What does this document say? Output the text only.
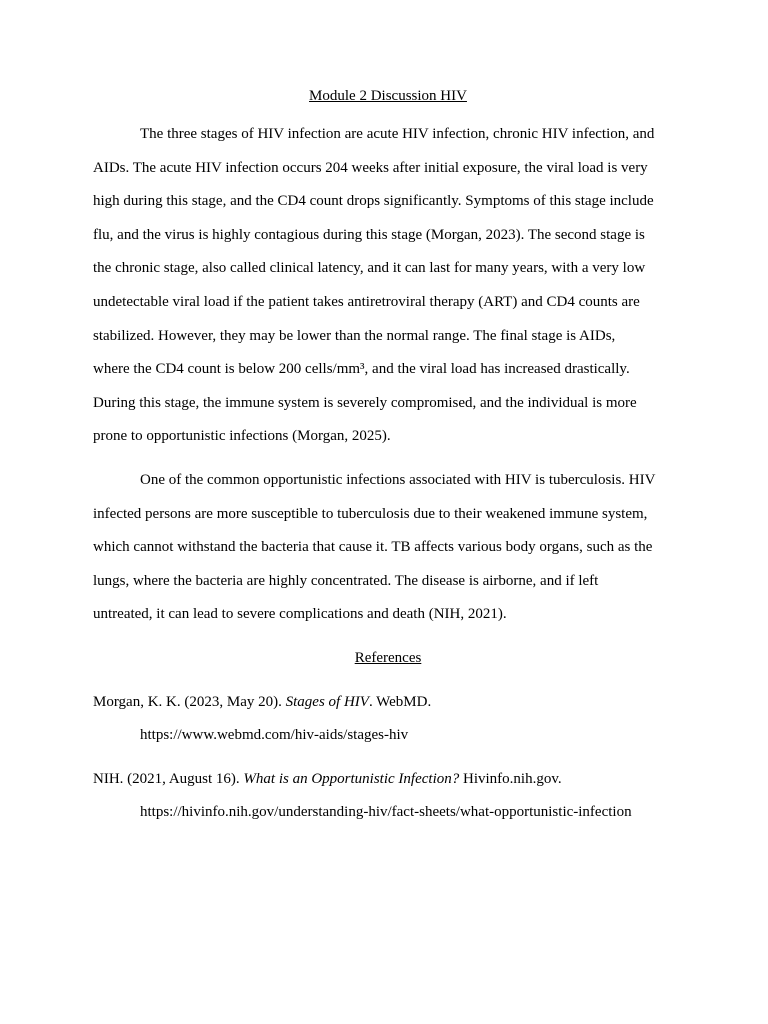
Module 2 Discussion HIV

The three stages of HIV infection are acute HIV infection, chronic HIV infection, and
AIDs. The acute HIV infection occurs 204 weeks after initial exposure, the viral load is very
high during this stage, and the CD4 count drops significantly. Symptoms of this stage include
flu, and the virus is highly contagious during this stage (Morgan, 2023). The second stage is
the chronic stage, also called clinical latency, and it can last for many years, with a very low
undetectable viral load if the patient takes antiretroviral therapy (ART) and CD4 counts are
stabilized. However, they may be lower than the normal range. The final stage is AIDs,
where the CD4 count is below 200 cells/mm³, and the viral load has increased drastically.
During this stage, the immune system is severely compromised, and the individual is more
prone to opportunistic infections (Morgan, 2025).

One of the common opportunistic infections associated with HIV is tuberculosis. HIV
infected persons are more susceptible to tuberculosis due to their weakened immune system,
which cannot withstand the bacteria that cause it. TB affects various body organs, such as the
lungs, where the bacteria are highly concentrated. The disease is airborne, and if left
untreated, it can lead to severe complications and death (NIH, 2021).

References
Morgan, K. K. (2023, May 20). Stages of HIV. WebMD.
https://www.webmd.com/hiv-aids/stages-hiv
NIH. (2021, August 16). What is an Opportunistic Infection? Hivinfo.nih.gov.
https://hivinfo.nih.gov/understanding-hiv/fact-sheets/what-opportunistic-infection
